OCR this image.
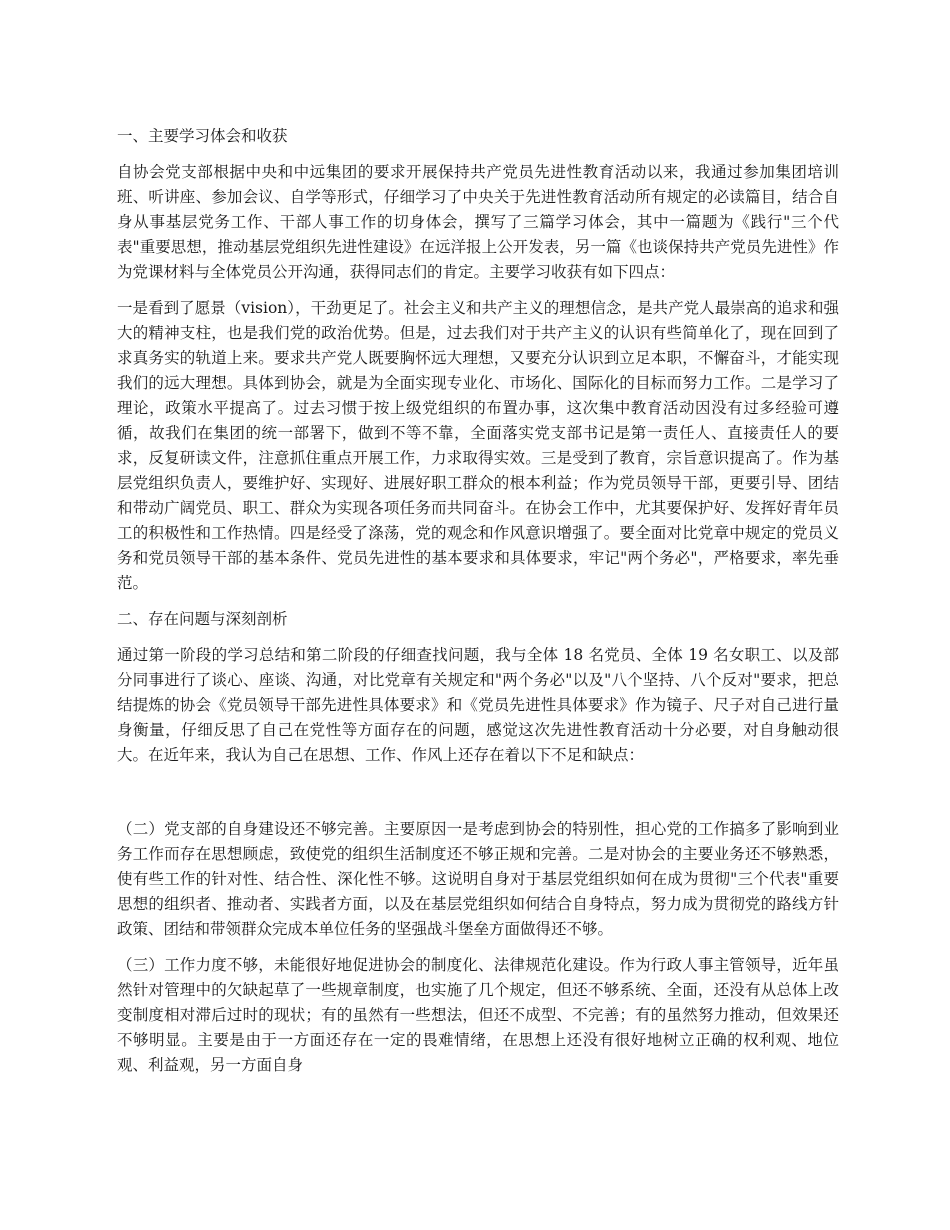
一、主要学习体会和收获

自协会党支部根据中央和中远集团的要求开展保持共产党员先进性教育活动以来，我通过参加集团培训班、听讲座、参加会议、自学等形式，仔细学习了中央关于先进性教育活动所有规定的必读篇目，结合自身从事基层党务工作、干部人事工作的切身体会，撰写了三篇学习体会，其中一篇题为《践行"三个代表"重要思想，推动基层党组织先进性建设》在远洋报上公开发表，另一篇《也谈保持共产党员先进性》作为党课材料与全体党员公开沟通，获得同志们的肯定。主要学习收获有如下四点：

一是看到了愿景（vision），干劲更足了。社会主义和共产主义的理想信念，是共产党人最崇高的追求和强大的精神支柱，也是我们党的政治优势。但是，过去我们对于共产主义的认识有些简单化了，现在回到了求真务实的轨道上来。要求共产党人既要胸怀远大理想，又要充分认识到立足本职，不懈奋斗，才能实现我们的远大理想。具体到协会，就是为全面实现专业化、市场化、国际化的目标而努力工作。二是学习了理论，政策水平提高了。过去习惯于按上级党组织的布置办事，这次集中教育活动因没有过多经验可遵循，故我们在集团的统一部署下，做到不等不靠，全面落实党支部书记是第一责任人、直接责任人的要求，反复研读文件，注意抓住重点开展工作，力求取得实效。三是受到了教育，宗旨意识提高了。作为基层党组织负责人，要维护好、实现好、进展好职工群众的根本利益；作为党员领导干部，更要引导、团结和带动广阔党员、职工、群众为实现各项任务而共同奋斗。在协会工作中，尤其要保护好、发挥好青年员工的积极性和工作热情。四是经受了涤荡，党的观念和作风意识增强了。要全面对比党章中规定的党员义务和党员领导干部的基本条件、党员先进性的基本要求和具体要求，牢记"两个务必"，严格要求，率先垂范。

二、存在问题与深刻剖析

通过第一阶段的学习总结和第二阶段的仔细查找问题，我与全体 18 名党员、全体 19 名女职工、以及部分同事进行了谈心、座谈、沟通，对比党章有关规定和"两个务必"以及"八个坚持、八个反对"要求，把总结提炼的协会《党员领导干部先进性具体要求》和《党员先进性具体要求》作为镜子、尺子对自己进行量身衡量，仔细反思了自己在党性等方面存在的问题，感觉这次先进性教育活动十分必要，对自身触动很大。在近年来，我认为自己在思想、工作、作风上还存在着以下不足和缺点：

（二）党支部的自身建设还不够完善。主要原因一是考虑到协会的特别性，担心党的工作搞多了影响到业务工作而存在思想顾虑，致使党的组织生活制度还不够正规和完善。二是对协会的主要业务还不够熟悉，使有些工作的针对性、结合性、深化性不够。这说明自身对于基层党组织如何在成为贯彻"三个代表"重要思想的组织者、推动者、实践者方面，以及在基层党组织如何结合自身特点，努力成为贯彻党的路线方针政策、团结和带领群众完成本单位任务的坚强战斗堡垒方面做得还不够。

（三）工作力度不够，未能很好地促进协会的制度化、法律规范化建设。作为行政人事主管领导，近年虽然针对管理中的欠缺起草了一些规章制度，也实施了几个规定，但还不够系统、全面，还没有从总体上改变制度相对滞后过时的现状；有的虽然有一些想法，但还不成型、不完善；有的虽然努力推动，但效果还不够明显。主要是由于一方面还存在一定的畏难情绪，在思想上还没有很好地树立正确的权利观、地位观、利益观，另一方面自身
